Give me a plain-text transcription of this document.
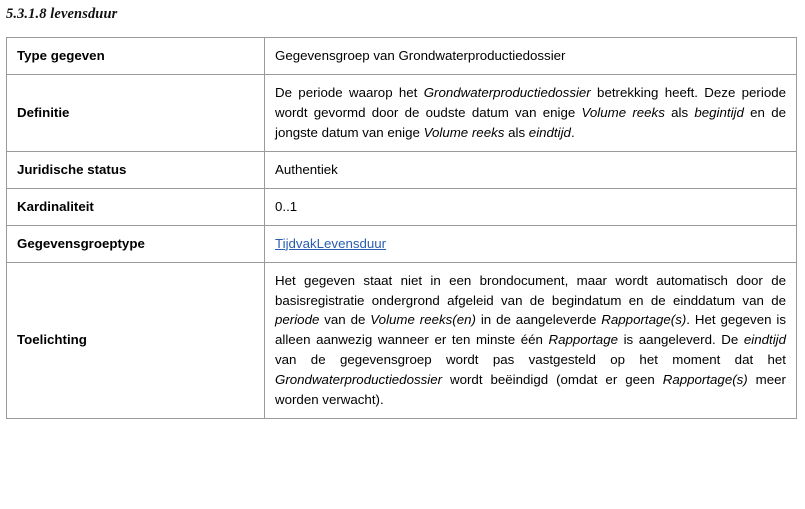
5.3.1.8 levensduur
Type gegeven	Gegevensgroep van Grondwaterproductiedossier
Definitie	De periode waarop het Grondwaterproductiedossier betrekking heeft. Deze periode wordt gevormd door de oudste datum van enige Volume reeks als begintijd en de jongste datum van enige Volume reeks als eindtijd.

Juridische status	Authentiek
Kardinaliteit	0..1
Gegevensgroeptype	TijdvakLevensduur
Toelichting	Het gegeven staat niet in een brondocument, maar wordt automatisch door de basisregistratie ondergrond afgeleid van de begindatum en de einddatum van de periode van de Volume reeks(en) in de aangeleverde Rapportage(s). Het gegeven is alleen aanwezig wanneer er ten minste één Rapportage is aangeleverd. De eindtijd van de gegevensgroep wordt pas vastgesteld op het moment dat het Grondwaterproductiedossier wordt beëindigd (omdat er geen Rapportage(s) meer worden verwacht).
